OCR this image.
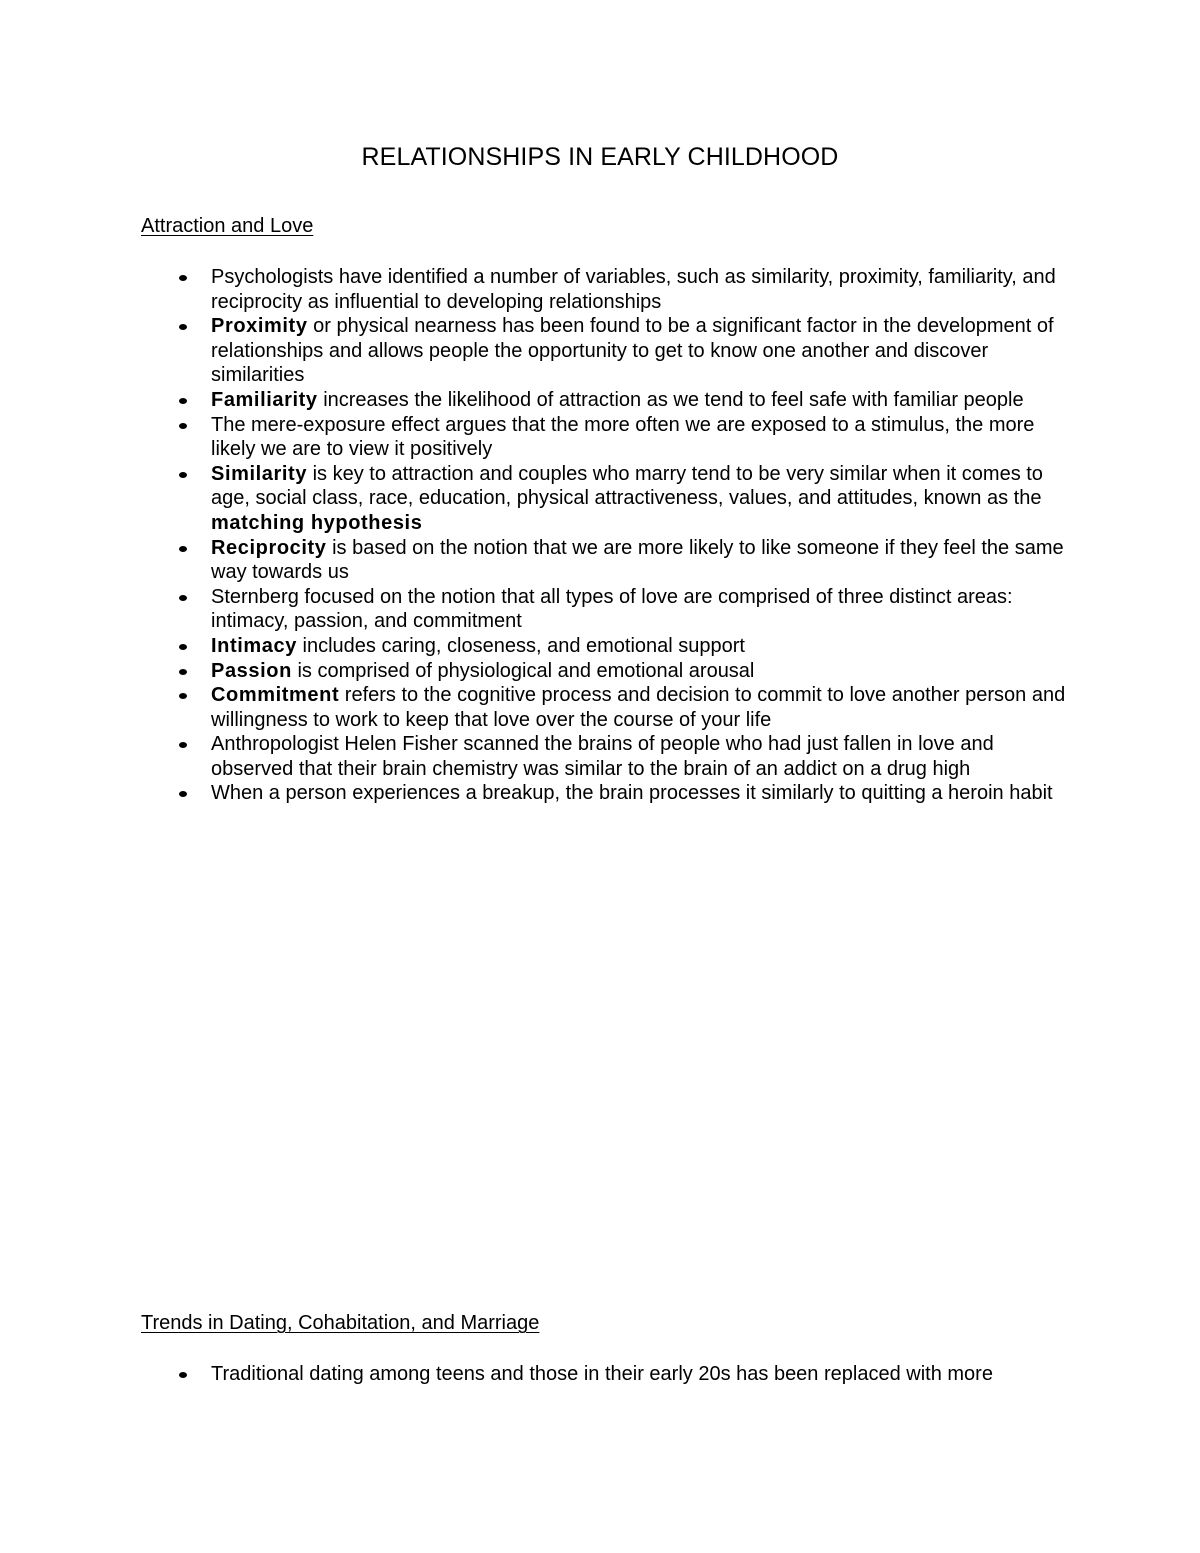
RELATIONSHIPS IN EARLY CHILDHOOD
Attraction and Love
Psychologists have identified a number of variables, such as similarity, proximity, familiarity, and reciprocity as influential to developing relationships
Proximity or physical nearness has been found to be a significant factor in the development of relationships and allows people the opportunity to get to know one another and discover similarities
Familiarity increases the likelihood of attraction as we tend to feel safe with familiar people
The mere-exposure effect argues that the more often we are exposed to a stimulus, the more likely we are to view it positively
Similarity is key to attraction and couples who marry tend to be very similar when it comes to age, social class, race, education, physical attractiveness, values, and attitudes, known as the matching hypothesis
Reciprocity is based on the notion that we are more likely to like someone if they feel the same way towards us
Sternberg focused on the notion that all types of love are comprised of three distinct areas: intimacy, passion, and commitment
Intimacy includes caring, closeness, and emotional support
Passion is comprised of physiological and emotional arousal
Commitment refers to the cognitive process and decision to commit to love another person and willingness to work to keep that love over the course of your life
Anthropologist Helen Fisher scanned the brains of people who had just fallen in love and observed that their brain chemistry was similar to the brain of an addict on a drug high
When a person experiences a breakup, the brain processes it similarly to quitting a heroin habit
Trends in Dating, Cohabitation, and Marriage
Traditional dating among teens and those in their early 20s has been replaced with more
